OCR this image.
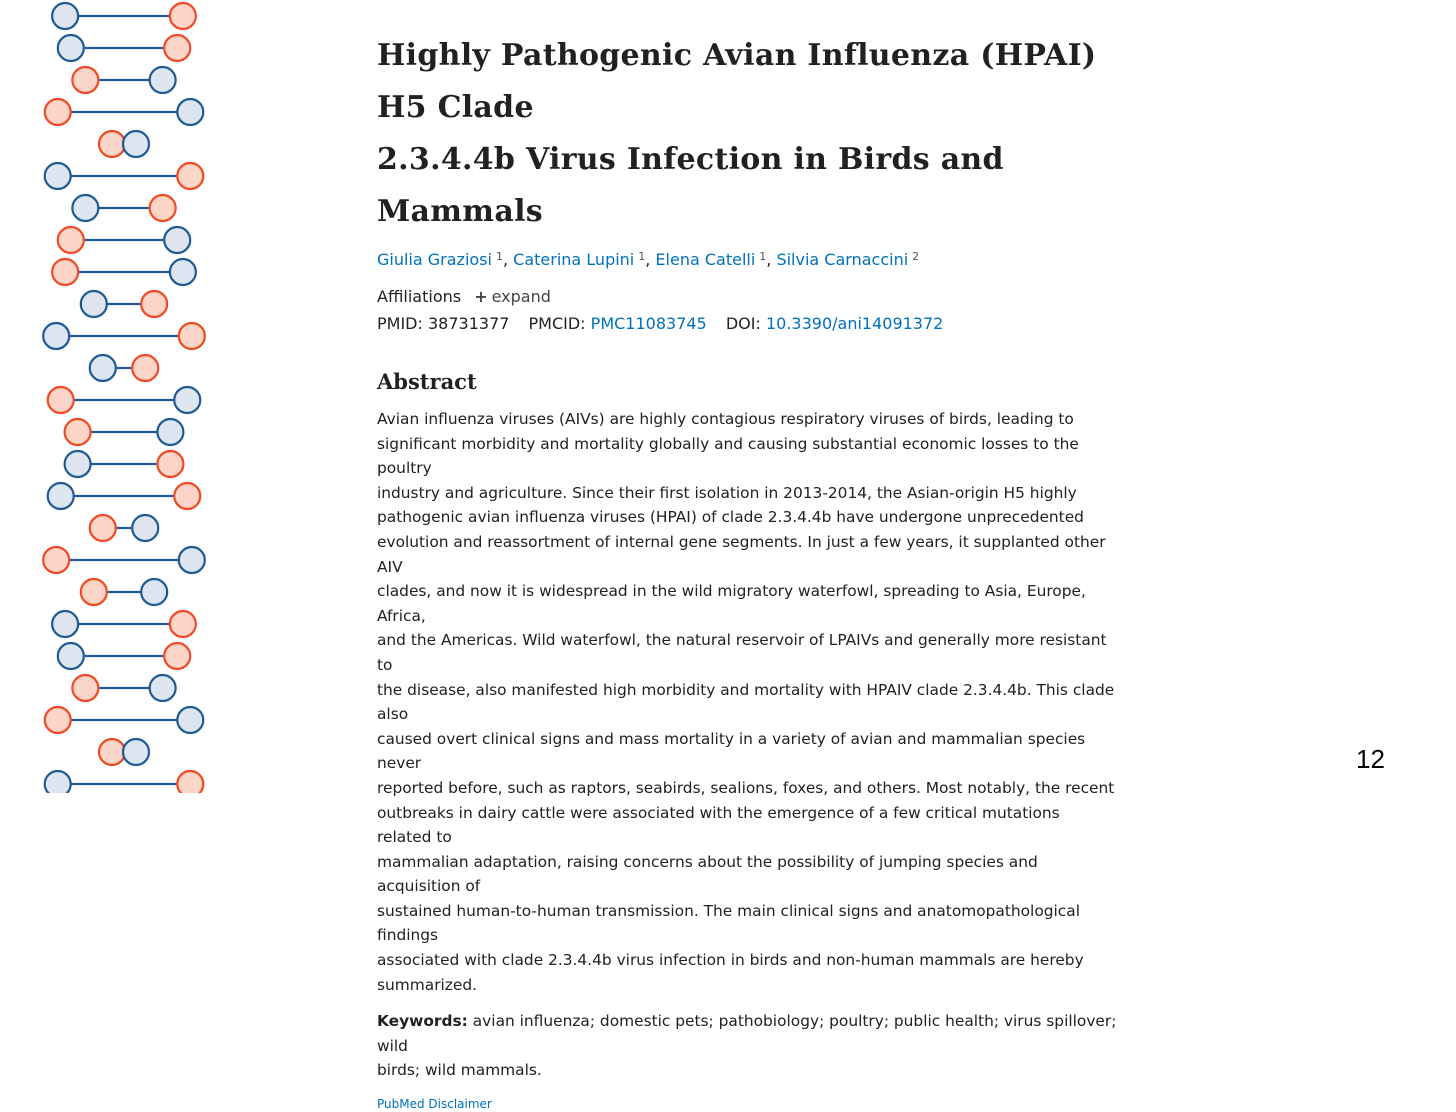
Highly Pathogenic Avian Influenza (HPAI) H5 Clade
2.3.4.4b Virus Infection in Birds and Mammals
Giulia Graziosi $^1$, Caterina Lupini $^1$, Elena Catelli $^1$, Silvia Carnaccini $^2$
Affiliations + expand
PMID: 38731377 PMCID: PMC11083745 DOI: 10.3390/ani14091372
Abstract
Avian influenza viruses (AIVs) are highly contagious respiratory viruses of birds, leading to
significant morbidity and mortality globally and causing substantial economic losses to the poultry
industry and agriculture. Since their first isolation in 2013-2014, the Asian-origin H5 highly
pathogenic avian influenza viruses (HPAI) of clade 2.3.4.4b have undergone unprecedented
evolution and reassortment of internal gene segments. In just a few years, it supplanted other AIV
clades, and now it is widespread in the wild migratory waterfowl, spreading to Asia, Europe, Africa,
and the Americas. Wild waterfowl, the natural reservoir of LPAIVs and generally more resistant to
the disease, also manifested high morbidity and mortality with HPAIV clade 2.3.4.4b. This clade also
caused overt clinical signs and mass mortality in a variety of avian and mammalian species never
reported before, such as raptors, seabirds, sealions, foxes, and others. Most notably, the recent
outbreaks in dairy cattle were associated with the emergence of a few critical mutations related to
mammalian adaptation, raising concerns about the possibility of jumping species and acquisition of
sustained human-to-human transmission. The main clinical signs and anatomopathological findings
associated with clade 2.3.4.4b virus infection in birds and non-human mammals are hereby
summarized.
Keywords: avian influenza; domestic pets; pathobiology; poultry; public health; virus spillover; wild
birds; wild mammals.
PubMed Disclaimer
12
